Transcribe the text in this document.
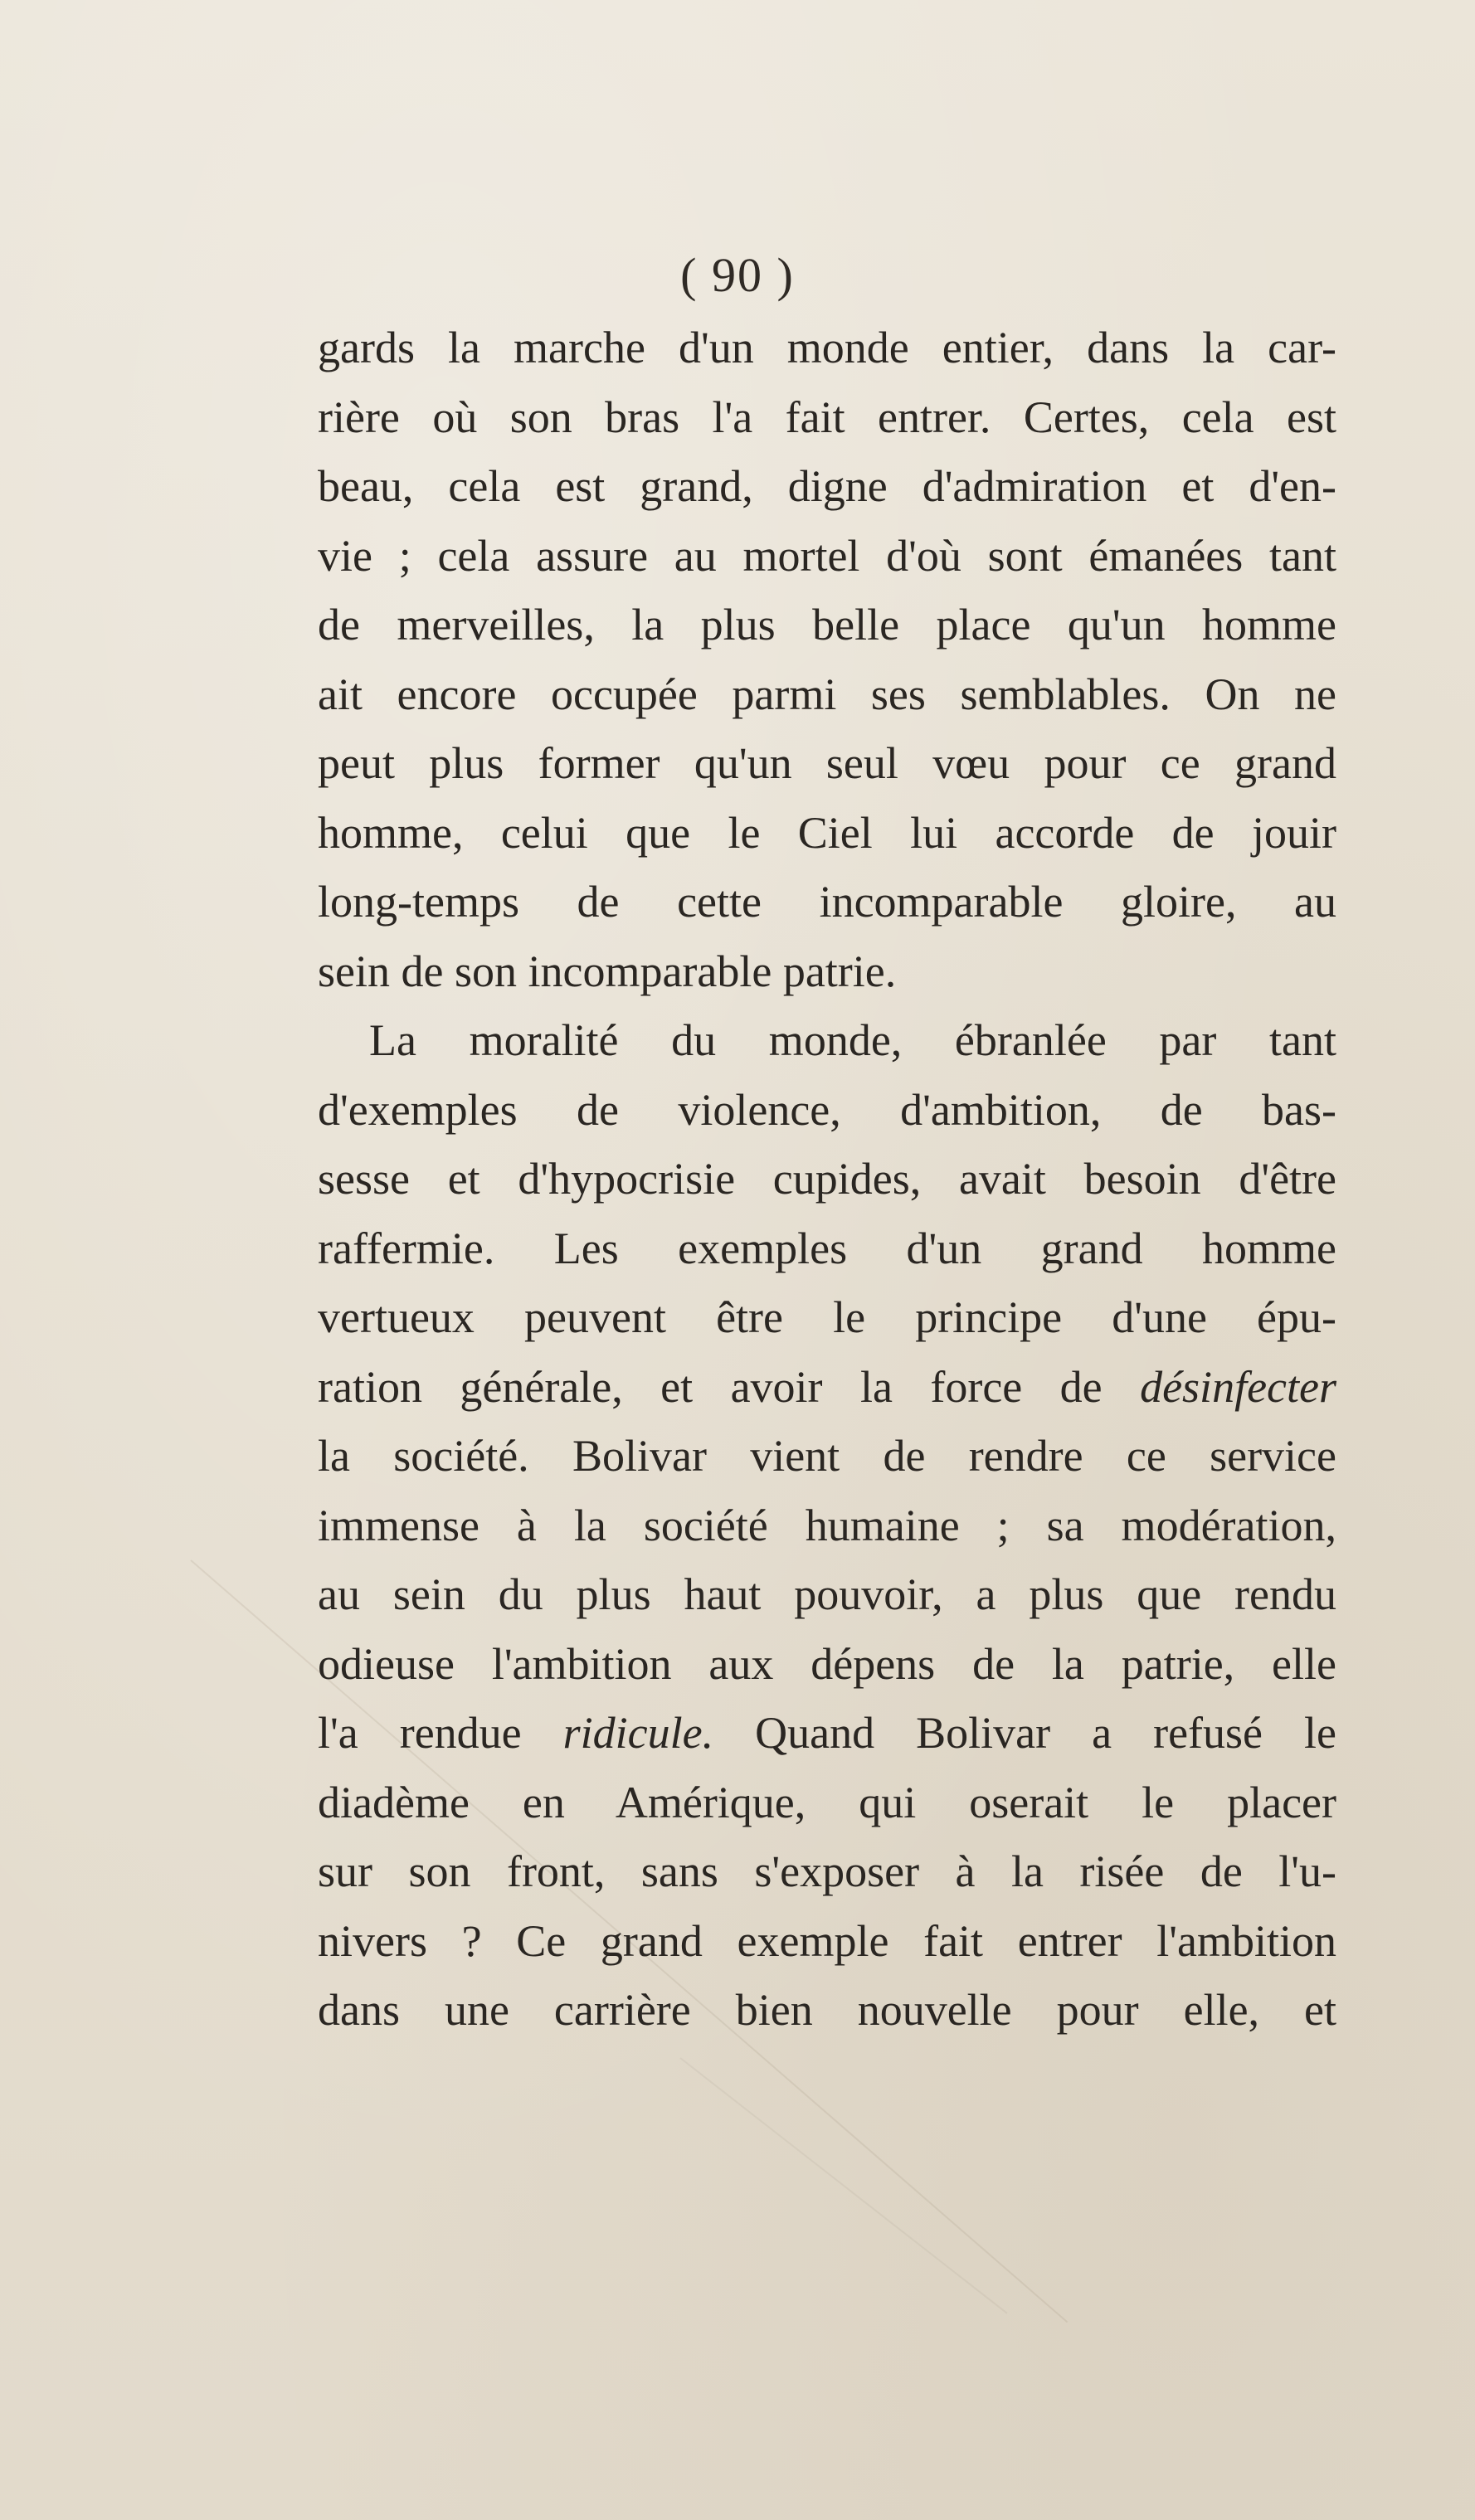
( 90 )
gards la marche d'un monde entier, dans la car-
rière où son bras l'a fait entrer. Certes, cela est
beau, cela est grand, digne d'admiration et d'en-
vie ; cela assure au mortel d'où sont émanées tant
de merveilles, la plus belle place qu'un homme
ait encore occupée parmi ses semblables. On ne
peut plus former qu'un seul vœu pour ce grand
homme, celui que le Ciel lui accorde de jouir
long-temps de cette incomparable gloire, au
sein de son incomparable patrie.
La moralité du monde, ébranlée par tant
d'exemples de violence, d'ambition, de bas-
sesse et d'hypocrisie cupides, avait besoin d'être
raffermie. Les exemples d'un grand homme
vertueux peuvent être le principe d'une épu-
ration générale, et avoir la force de désinfecter
la société. Bolivar vient de rendre ce service
immense à la société humaine ; sa modération,
au sein du plus haut pouvoir, a plus que rendu
odieuse l'ambition aux dépens de la patrie, elle
l'a rendue ridicule. Quand Bolivar a refusé le
diadème en Amérique, qui oserait le placer
sur son front, sans s'exposer à la risée de l'u-
nivers ? Ce grand exemple fait entrer l'ambition
dans une carrière bien nouvelle pour elle, et
